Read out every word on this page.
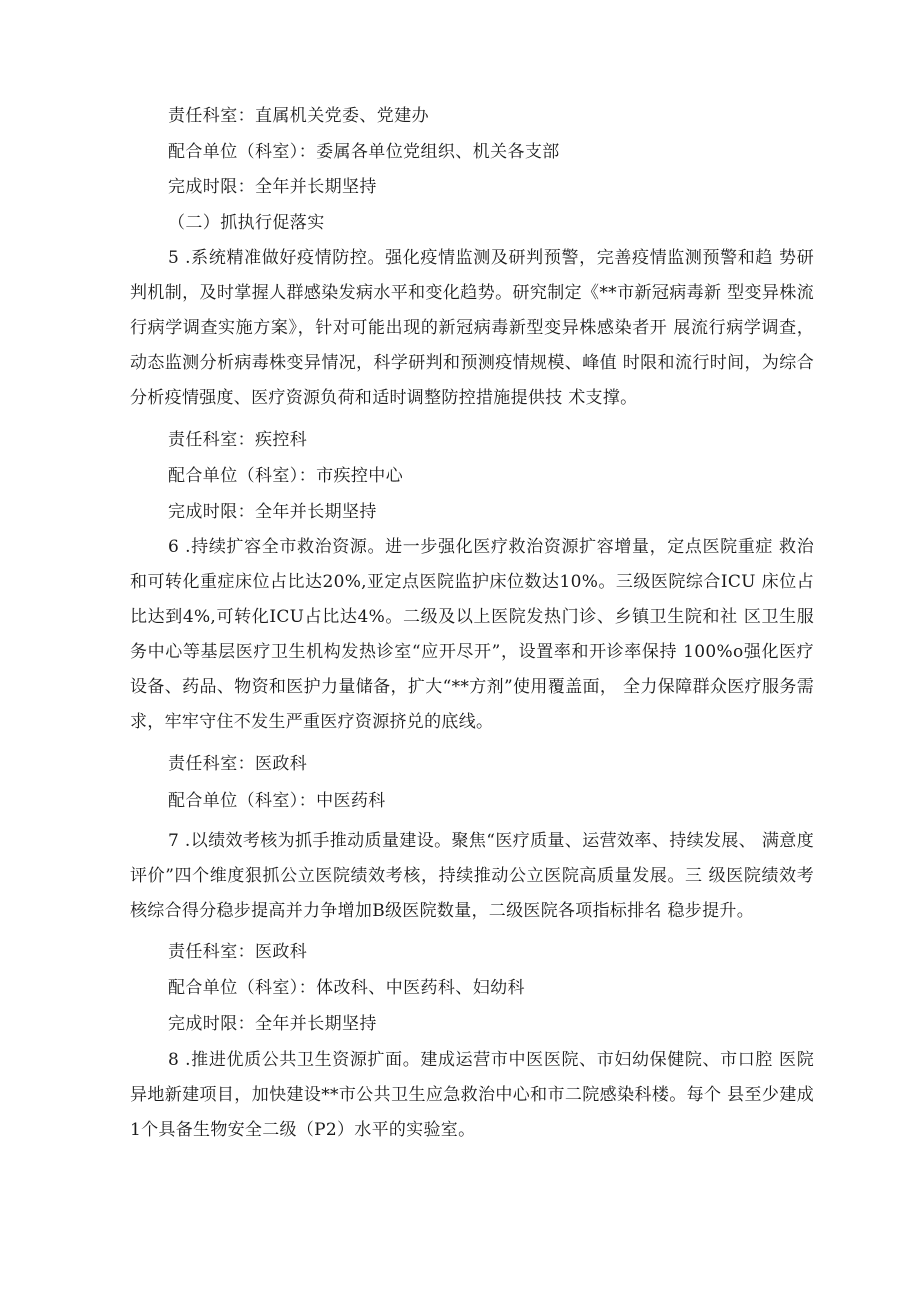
责任科室：直属机关党委、党建办
配合单位（科室）：委属各单位党组织、机关各支部
完成时限：全年并长期坚持
（二）抓执行促落实

5 .系统精准做好疫情防控。强化疫情监测及研判预警，完善疫情监测预警和趋 势研判机制，及时掌握人群感染发病水平和变化趋势。研究制定《**市新冠病毒新 型变异株流行病学调查实施方案》，针对可能出现的新冠病毒新型变异株感染者开 展流行病学调查，动态监测分析病毒株变异情况，科学研判和预测疫情规模、峰值 时限和流行时间，为综合分析疫情强度、医疗资源负荷和适时调整防控措施提供技 术支撑。

责任科室：疾控科
配合单位（科室）：市疾控中心
完成时限：全年并长期坚持

6 .持续扩容全市救治资源。进一步强化医疗救治资源扩容增量，定点医院重症 救治和可转化重症床位占比达20%,亚定点医院监护床位数达10%。三级医院综合ICU 床位占比达到4%,可转化ICU占比达4%。二级及以上医院发热门诊、乡镇卫生院和社 区卫生服务中心等基层医疗卫生机构发热诊室“应开尽开”，设置率和开诊率保持 100%o强化医疗设备、药品、物资和医护力量储备，扩大“**方剂”使用覆盖面， 全力保障群众医疗服务需求，牢牢守住不发生严重医疗资源挤兑的底线。

责任科室：医政科
配合单位（科室）：中医药科

7 .以绩效考核为抓手推动质量建设。聚焦“医疗质量、运营效率、持续发展、 满意度评价”四个维度狠抓公立医院绩效考核，持续推动公立医院高质量发展。三 级医院绩效考核综合得分稳步提高并力争增加B级医院数量，二级医院各项指标排名 稳步提升。

责任科室：医政科
配合单位（科室）：体改科、中医药科、妇幼科
完成时限：全年并长期坚持

8 .推进优质公共卫生资源扩面。建成运营市中医医院、市妇幼保健院、市口腔 医院异地新建项目，加快建设**市公共卫生应急救治中心和市二院感染科楼。每个 县至少建成1个具备生物安全二级（P2）水平的实验室。
